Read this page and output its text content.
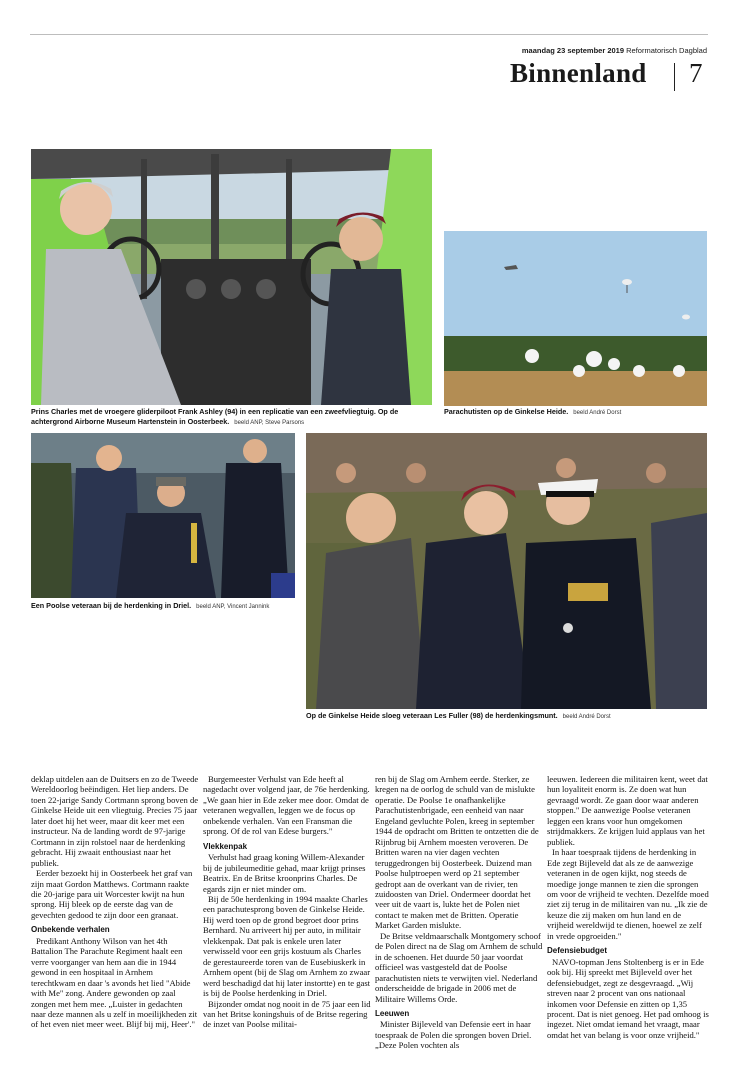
maandag 23 september 2019 Reformatorisch Dagblad
Binnenland 7
Prins Charles met de vroegere gliderpiloot Frank Ashley (94) in een replicatie van een zweefvliegtuig. Op de achtergrond Airborne Museum Hartenstein in Oosterbeek. beeld ANP, Steve Parsons
Parachutisten op de Ginkelse Heide. beeld André Dorst
Een Poolse veteraan bij de herdenking in Driel. beeld ANP, Vincent Jannink
Op de Ginkelse Heide sloeg veteraan Les Fuller (98) de herdenkingsmunt. beeld André Dorst

deklap uitdelen aan de Duitsers en zo de Tweede Wereldoorlog beëindigen. Het liep anders. De toen 22-jarige Sandy Cortmann sprong boven de Ginkelse Heide uit een vliegtuig. Precies 75 jaar later doet hij het weer, maar dit keer met een instructeur. Na de landing wordt de 97-jarige Cortmann in zijn rolstoel naar de herdenking gebracht. Hij zwaait enthousiast naar het publiek.

Eerder bezoekt hij in Oosterbeek het graf van zijn maat Gordon Matthews. Cortmann raakte die 20-jarige para uit Worcester kwijt na hun sprong. Hij bleek op de eerste dag van de gevechten gedood te zijn door een granaat.

Onbekende verhalen

Predikant Anthony Wilson van het 4th Battalion The Parachute Regiment haalt een verre voorganger van hem aan die in 1944 gewond in een hospitaal in Arnhem terechtkwam en daar 's avonds het lied "Abide with Me" zong. Andere gewonden op zaal zongen met hem mee. „Luister in gedachten naar deze mannen als u zelf in moeilijkheden zit of het even niet meer weet. Blijf bij mij, Heer'."

Burgemeester Verhulst van Ede heeft al nagedacht over volgend jaar, de 76e herdenking. „We gaan hier in Ede zeker mee door. Omdat de veteranen wegvallen, leggen we de focus op onbekende verhalen. Van een Fransman die sprong. Of de rol van Edese burgers."

Vlekkenpak

Verhulst had graag koning Willem-Alexander bij de jubileumeditie gehad, maar krijgt prinses Beatrix. En de Britse kroonprins Charles. De egards zijn er niet minder om.

Bij de 50e herdenking in 1994 maakte Charles een parachutesprong boven de Ginkelse Heide. Hij werd toen op de grond begroet door prins Bernhard. Nu arriveert hij per auto, in militair vlekkenpak. Dat pak is enkele uren later verwisseld voor een grijs kostuum als Charles de gerestaureerde toren van de Eusebiuskerk in Arnhem opent (bij de Slag om Arnhem zo zwaar werd beschadigd dat hij later instortte) en te gast is bij de Poolse herdenking in Driel.

Bijzonder omdat nog nooit in de 75 jaar een lid van het Britse koningshuis of de Britse regering de inzet van Poolse militai-

ren bij de Slag om Arnhem eerde. Sterker, ze kregen na de oorlog de schuld van de mislukte operatie. De Poolse 1e onafhankelijke Parachutistenbrigade, een eenheid van naar Engeland gevluchte Polen, kreeg in september 1944 de opdracht om Britten te ontzetten die de Rijnbrug bij Arnhem moesten veroveren. De Britten waren na vier dagen vechten teruggedrongen bij Oosterbeek. Duizend man Poolse hulptroepen werd op 21 september gedropt aan de overkant van de rivier, ten zuidoosten van Driel. Ondermeer doordat het veer uit de vaart is, lukte het de Polen niet contact te maken met de Britten. Operatie Market Garden mislukte.

De Britse veldmaarschalk Montgomery schoof de Polen direct na de Slag om Arnhem de schuld in de schoenen. Het duurde 50 jaar voordat officieel was vastgesteld dat de Poolse parachutisten niets te verwijten viel. Nederland onderscheidde de brigade in 2006 met de Militaire Willems Orde.

Leeuwen

Minister Bijleveld van Defensie eert in haar toespraak de Polen die sprongen boven Driel. „Deze Polen vochten als

leeuwen. Iedereen die militairen kent, weet dat hun loyaliteit enorm is. Ze doen wat hun gevraagd wordt. Ze gaan door waar anderen stoppen." De aanwezige Poolse veteranen leggen een krans voor hun omgekomen strijdmakkers. Ze krijgen luid applaus van het publiek.

In haar toespraak tijdens de herdenking in Ede zegt Bijleveld dat als ze de aanwezige veteranen in de ogen kijkt, nog steeds de moedige jonge mannen te zien die sprongen om voor de vrijheid te vechten. Dezelfde moed ziet zij terug in de militairen van nu. „Ik zie de keuze die zij maken om hun land en de vrijheid wereldwijd te dienen, hoewel ze zelf in vrede opgroeiden."

Defensiebudget

NAVO-topman Jens Stoltenberg is er in Ede ook bij. Hij spreekt met Bijleveld over het defensiebudget, zegt ze desgevraagd. „Wij streven naar 2 procent van ons nationaal inkomen voor Defensie en zitten op 1,35 procent. Dat is niet genoeg. Het pad omhoog is ingezet. Niet omdat iemand het vraagt, maar omdat het van belang is voor onze vrijheid."
